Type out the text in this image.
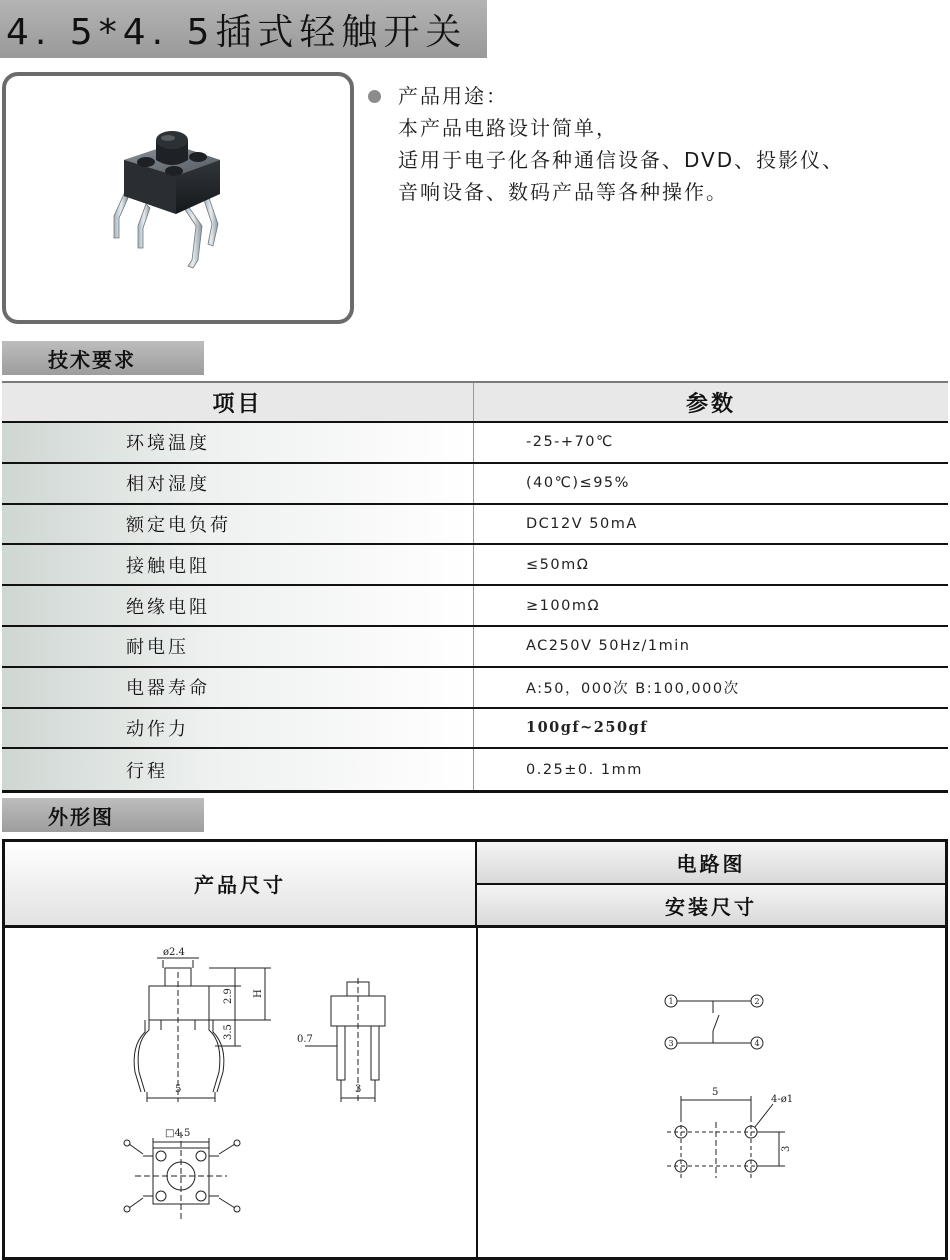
4. 5*4. 5插式轻触开关
产品用途：
本产品电路设计简单，
适用于电子化各种通信设备、DVD、投影仪、
音响设备、数码产品等各种操作。
技术要求
项目	参数
环境温度	-25-+70℃
相对湿度	(40℃)≤95%
额定电负荷	DC12V 50mA
接触电阻	≤50mΩ
绝缘电阻	≥100mΩ
耐电压	AC250V 50Hz/1min
电器寿命	A:50，000次 B:100,000次
动作力	100gf~250gf
行程	0.25±0. 1mm
外形图
产品尺寸
电路图
安装尺寸
ø2.4
2.9 H
3.5
5
0.7
3
□4.5
1	2
3	4
5
4-ø1
3
